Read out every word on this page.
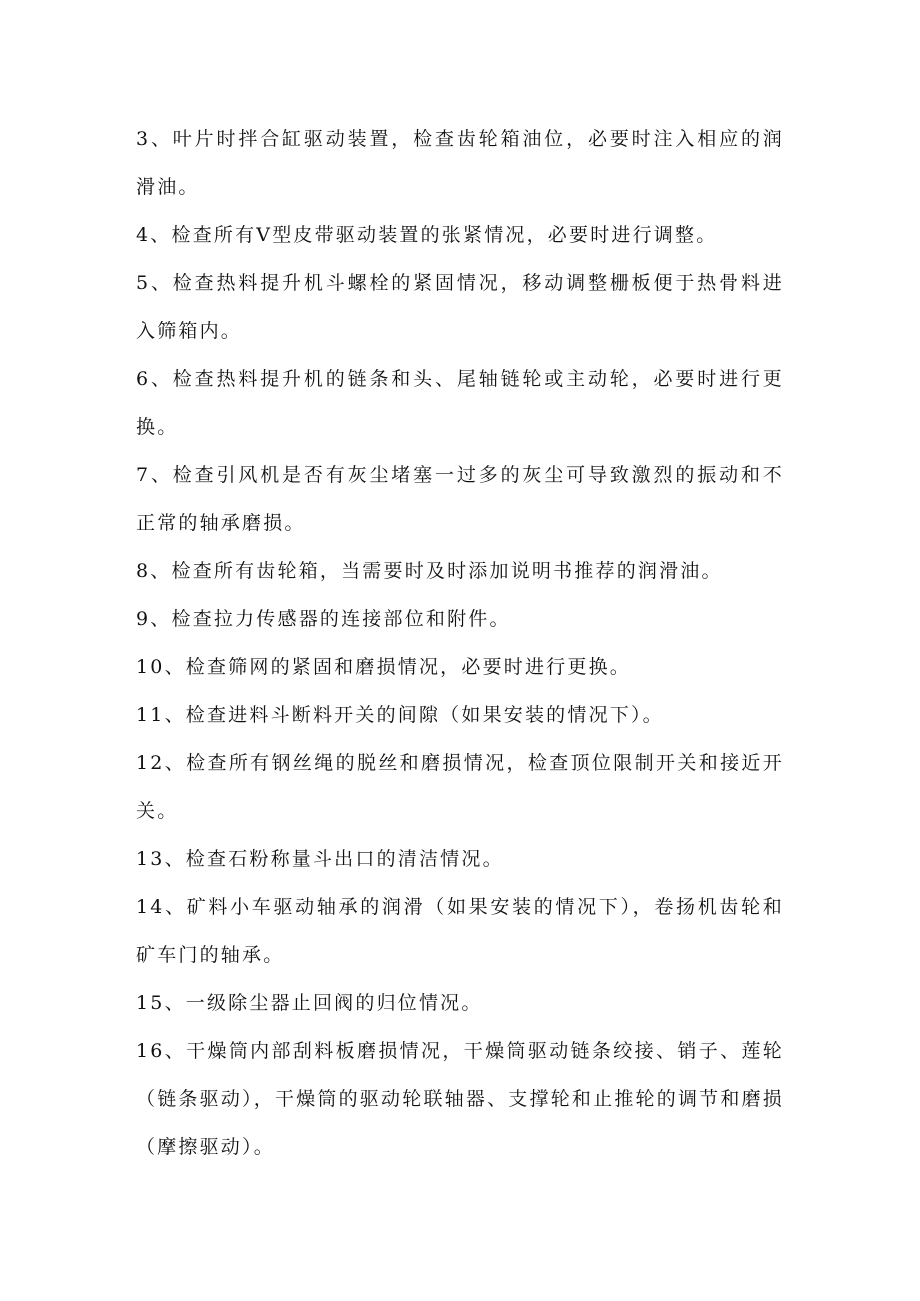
3、叶片时拌合缸驱动装置，检查齿轮箱油位，必要时注入相应的润滑油。

4、检查所有V型皮带驱动装置的张紧情况，必要时进行调整。

5、检查热料提升机斗螺栓的紧固情况，移动调整栅板便于热骨料进入筛箱内。

6、检查热料提升机的链条和头、尾轴链轮或主动轮，必要时进行更换。

7、检查引风机是否有灰尘堵塞一过多的灰尘可导致激烈的振动和不正常的轴承磨损。

8、检查所有齿轮箱，当需要时及时添加说明书推荐的润滑油。

9、检查拉力传感器的连接部位和附件。

10、检查筛网的紧固和磨损情况，必要时进行更换。

11、检查进料斗断料开关的间隙（如果安装的情况下）。

12、检查所有钢丝绳的脱丝和磨损情况，检查顶位限制开关和接近开关。

13、检查石粉称量斗出口的清洁情况。

14、矿料小车驱动轴承的润滑（如果安装的情况下），卷扬机齿轮和矿车门的轴承。

15、一级除尘器止回阀的归位情况。

16、干燥筒内部刮料板磨损情况，干燥筒驱动链条绞接、销子、莲轮（链条驱动），干燥筒的驱动轮联轴器、支撑轮和止推轮的调节和磨损（摩擦驱动）。
